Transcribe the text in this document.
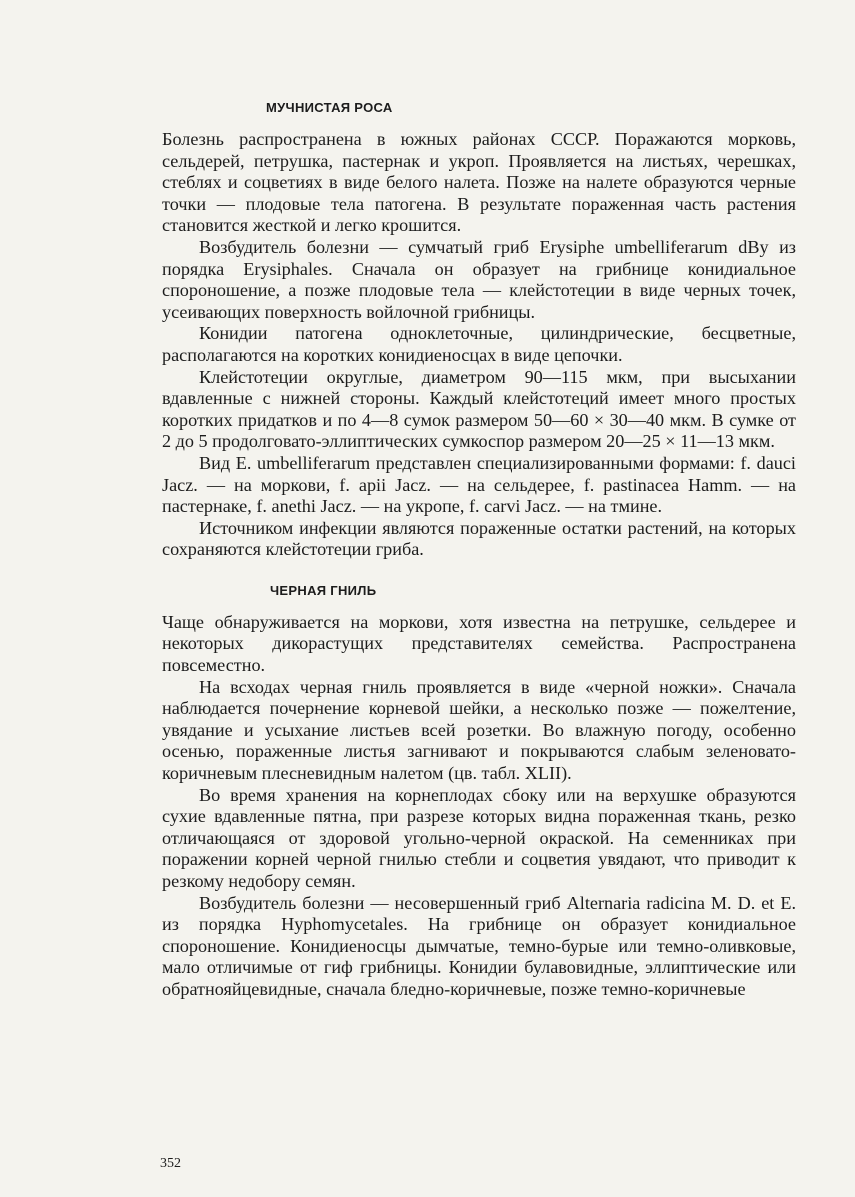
МУЧНИСТАЯ РОСА

Болезнь распространена в южных районах СССР. Поражаются морковь, сельдерей, петрушка, пастернак и укроп. Проявляется на листьях, черешках, стеблях и соцветиях в виде белого налета. Позже на налете образуются черные точки — плодовые тела патогена. В результате пораженная часть растения становится жесткой и легко крошится.

Возбудитель болезни — сумчатый гриб Erysiphe umbelliferarum dBy из порядка Erysiphales. Сначала он образует на грибнице конидиальное спороношение, а позже плодовые тела — клейстотеции в виде черных точек, усеивающих поверхность войлочной грибницы.

Конидии патогена одноклеточные, цилиндрические, бесцветные, располагаются на коротких конидиеносцах в виде цепочки.

Клейстотеции округлые, диаметром 90—115 мкм, при высыхании вдавленные с нижней стороны. Каждый клейстотеций имеет много простых коротких придатков и по 4—8 сумок размером 50—60 × 30—40 мкм. В сумке от 2 до 5 продолговато-эллиптических сумкоспор размером 20—25 × 11—13 мкм.

Вид E. umbelliferarum представлен специализированными формами: f. dauci Jacz. — на моркови, f. apii Jacz. — на сельдерее, f. pastinacea Hamm. — на пастернаке, f. anethi Jacz. — на укропе, f. carvi Jacz. — на тмине.

Источником инфекции являются пораженные остатки растений, на которых сохраняются клейстотеции гриба.

ЧЕРНАЯ ГНИЛЬ

Чаще обнаруживается на моркови, хотя известна на петрушке, сельдерее и некоторых дикорастущих представителях семейства. Распространена повсеместно.

На всходах черная гниль проявляется в виде «черной ножки». Сначала наблюдается почернение корневой шейки, а несколько позже — пожелтение, увядание и усыхание листьев всей розетки. Во влажную погоду, особенно осенью, пораженные листья загнивают и покрываются слабым зеленовато-коричневым плесневидным налетом (цв. табл. XLII).

Во время хранения на корнеплодах сбоку или на верхушке образуются сухие вдавленные пятна, при разрезе которых видна пораженная ткань, резко отличающаяся от здоровой угольно-черной окраской. На семенниках при поражении корней черной гнилью стебли и соцветия увядают, что приводит к резкому недобору семян.

Возбудитель болезни — несовершенный гриб Alternaria radicina M. D. et E. из порядка Hyphomycetales. На грибнице он образует конидиальное спороношение. Конидиеносцы дымчатые, темно-бурые или темно-оливковые, мало отличимые от гиф грибницы. Конидии булавовидные, эллиптические или обратнояйцевидные, сначала бледно-коричневые, позже темно-коричневые

352
